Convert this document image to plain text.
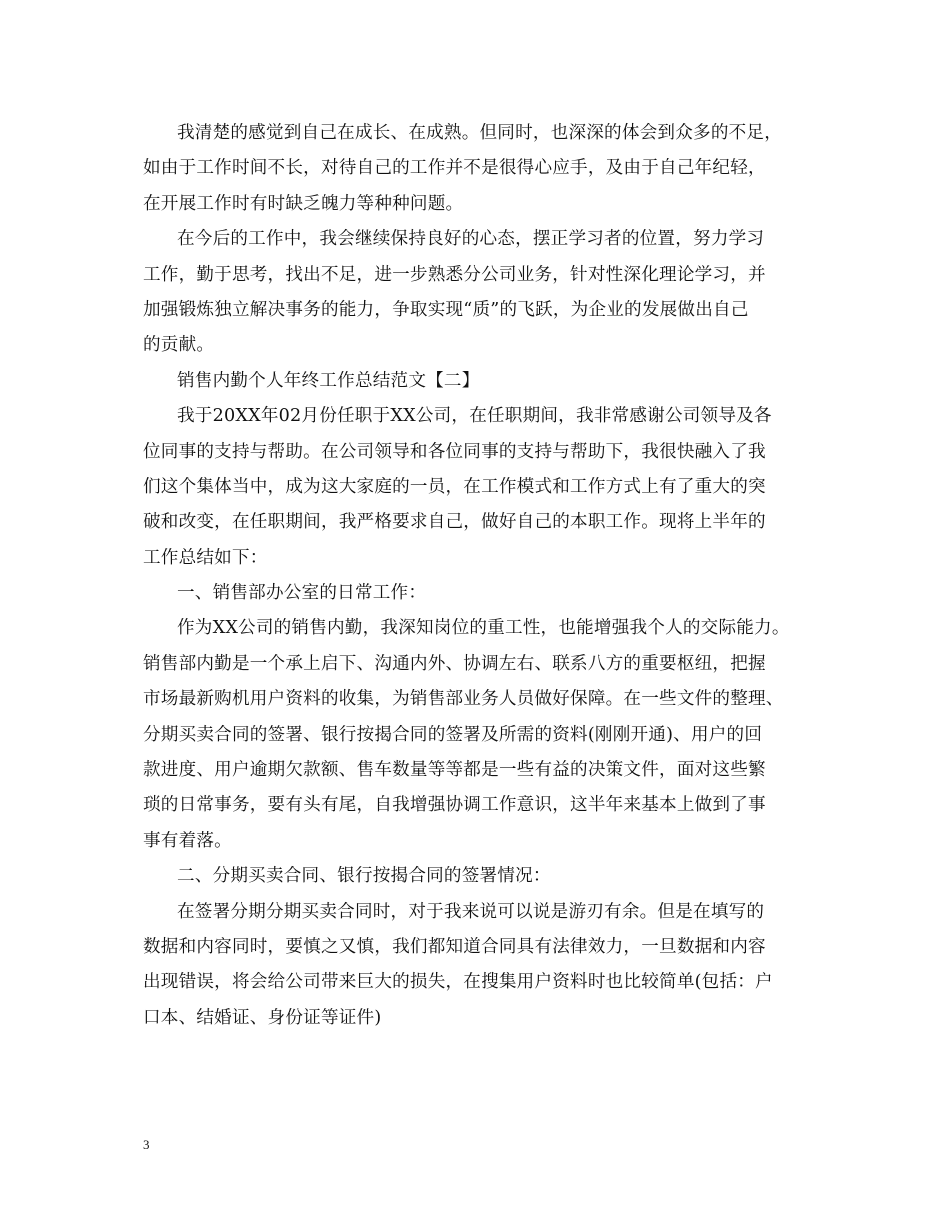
我清楚的感觉到自己在成长、在成熟。但同时，也深深的体会到众多的不足，
如由于工作时间不长，对待自己的工作并不是很得心应手，及由于自己年纪轻，
在开展工作时有时缺乏魄力等种种问题。
在今后的工作中，我会继续保持良好的心态，摆正学习者的位置，努力学习
工作，勤于思考，找出不足，进一步熟悉分公司业务，针对性深化理论学习，并
加强锻炼独立解决事务的能力，争取实现“质”的飞跃，为企业的发展做出自己
的贡献。
销售内勤个人年终工作总结范文【二】
我于20XX年02月份任职于XX公司，在任职期间，我非常感谢公司领导及各
位同事的支持与帮助。在公司领导和各位同事的支持与帮助下，我很快融入了我
们这个集体当中，成为这大家庭的一员，在工作模式和工作方式上有了重大的突
破和改变，在任职期间，我严格要求自己，做好自己的本职工作。现将上半年的
工作总结如下：
一、销售部办公室的日常工作：
作为XX公司的销售内勤，我深知岗位的重工性，也能增强我个人的交际能力。
销售部内勤是一个承上启下、沟通内外、协调左右、联系八方的重要枢纽，把握
市场最新购机用户资料的收集，为销售部业务人员做好保障。在一些文件的整理、
分期买卖合同的签署、银行按揭合同的签署及所需的资料(刚刚开通)、用户的回
款进度、用户逾期欠款额、售车数量等等都是一些有益的决策文件，面对这些繁
琐的日常事务，要有头有尾，自我增强协调工作意识，这半年来基本上做到了事
事有着落。
二、分期买卖合同、银行按揭合同的签署情况：
在签署分期分期买卖合同时，对于我来说可以说是游刃有余。但是在填写的
数据和内容同时，要慎之又慎，我们都知道合同具有法律效力，一旦数据和内容
出现错误，将会给公司带来巨大的损失，在搜集用户资料时也比较简单(包括：户
口本、结婚证、身份证等证件)
3
